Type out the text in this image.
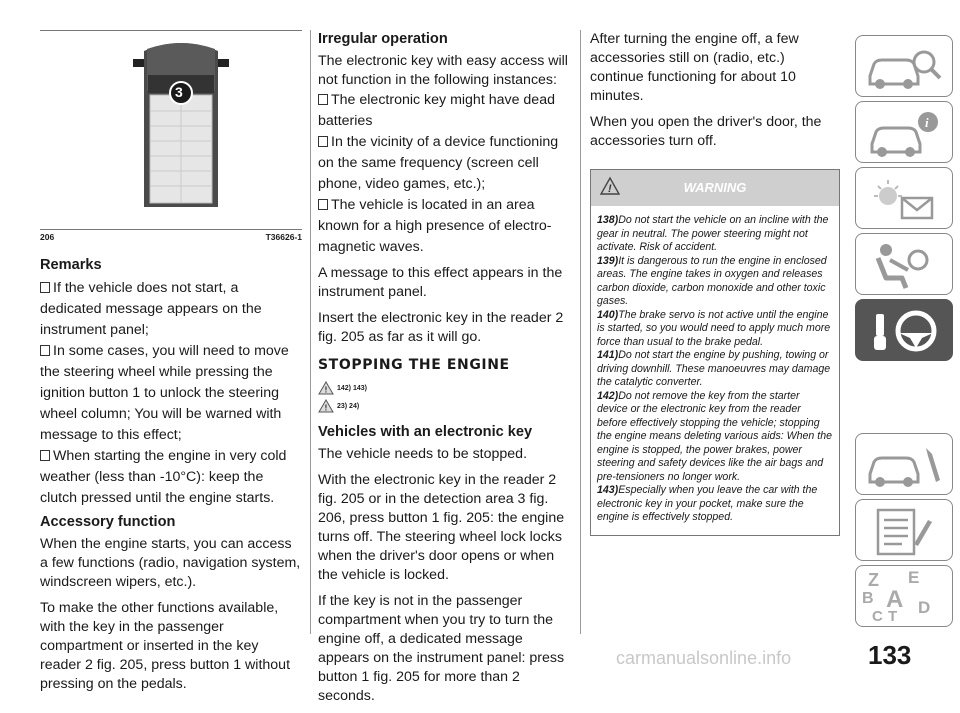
3
206	T36626-1
Remarks

If the vehicle does not start, a dedicated message appears on the instrument panel;

In some cases, you will need to move the steering wheel while pressing the ignition button 1 to unlock the steering wheel column; You will be warned with message to this effect;

When starting the engine in very cold weather (less than -10°C): keep the clutch pressed until the engine starts.

Accessory function

When the engine starts, you can access a few functions (radio, navigation system, windscreen wipers, etc.).

To make the other functions available, with the key in the passenger compartment or inserted in the key reader 2 fig. 205, press button 1 without pressing on the pedals.

Irregular operation

The electronic key with easy access will not function in the following instances:

The electronic key might have dead batteries

In the vicinity of a device functioning on the same frequency (screen cell phone, video games, etc.);

The vehicle is located in an area known for a high presence of electro-magnetic waves.

A message to this effect appears in the instrument panel.

Insert the electronic key in the reader 2 fig. 205 as far as it will go.

STOPPING THE ENGINE
! 142) 143)
! 23) 24)
Vehicles with an electronic key

The vehicle needs to be stopped.

With the electronic key in the reader 2 fig. 205 or in the detection area 3 fig. 206, press button 1 fig. 205: the engine turns off. The steering wheel lock locks when the driver's door opens or when the vehicle is locked.

If the key is not in the passenger compartment when you try to turn the engine off, a dedicated message appears on the instrument panel: press button 1 fig. 205 for more than 2 seconds.

After turning the engine off, a few accessories still on (radio, etc.) continue functioning for about 10 minutes.

When you open the driver's door, the accessories turn off.

!	WARNING

138)Do not start the vehicle on an incline with the gear in neutral. The power steering might not activate. Risk of accident.

139)It is dangerous to run the engine in enclosed areas. The engine takes in oxygen and releases carbon dioxide, carbon monoxide and other toxic gases.

140)The brake servo is not active until the engine is started, so you would need to apply much more force than usual to the brake pedal.

141)Do not start the engine by pushing, towing or driving downhill. These manoeuvres may damage the catalytic converter.

142)Do not remove the key from the starter device or the electronic key from the reader before effectively stopping the vehicle; stopping the engine means deleting various aids: When the engine is stopped, the power brakes, power steering and safety devices like the air bags and pre-tensioners no longer work.

143)Especially when you leave the car with the electronic key in your pocket, make sure the engine is effectively stopped.

i
Z E
B A
C T D
133
carmanualsonline.info
